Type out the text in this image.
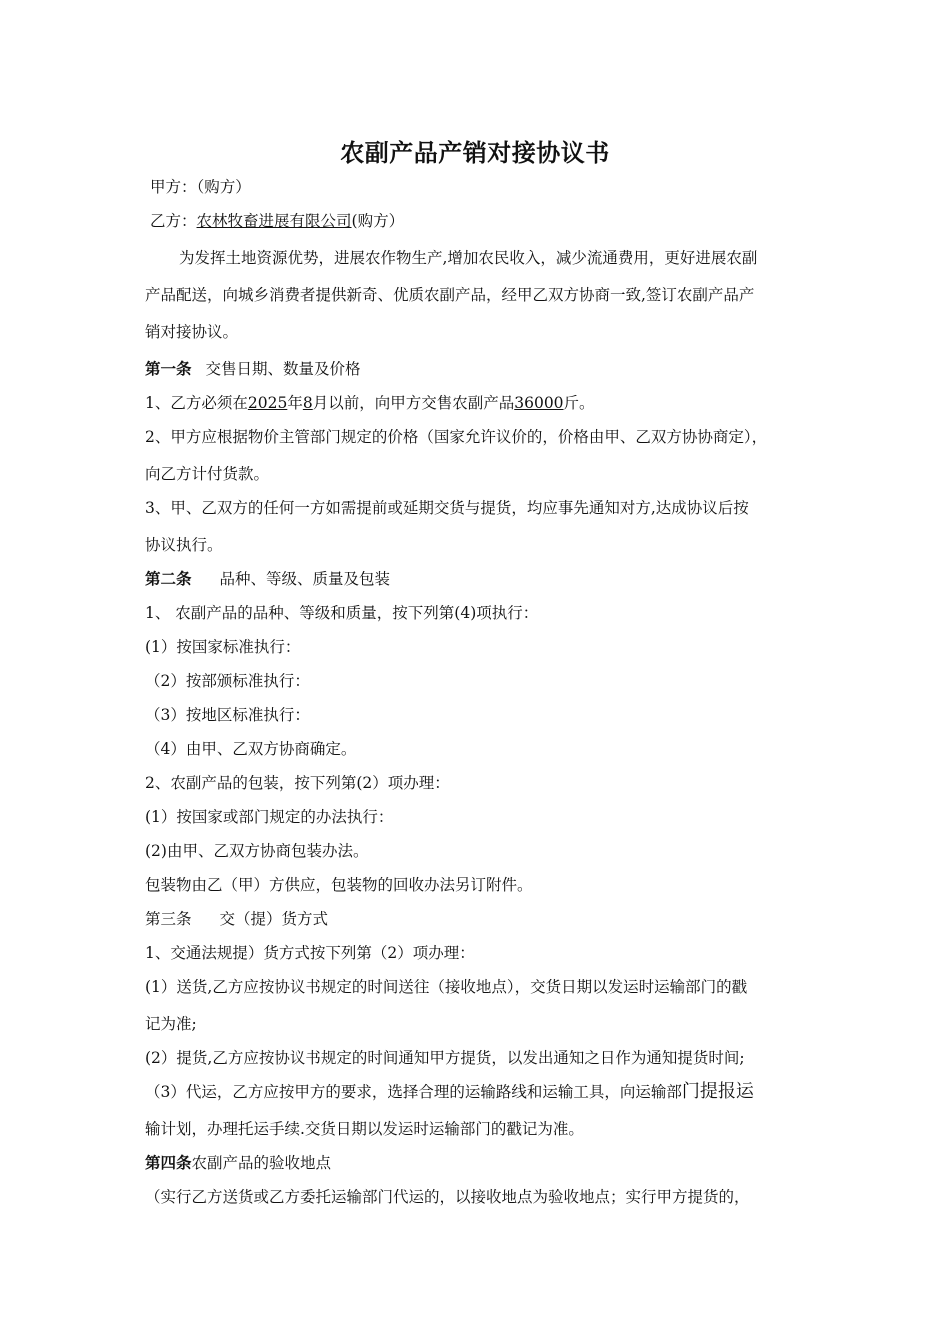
农副产品产销对接协议书
甲方：（购方）
乙方：农林牧畜进展有限公司(购方）
为发挥土地资源优势，进展农作物生产,增加农民收入，减少流通费用，更好进展农副
产品配送，向城乡消费者提供新奇、优质农副产品，经甲乙双方协商一致,签订农副产品产
销对接协议。
第一条 交售日期、数量及价格
1、乙方必须在2025年8月以前，向甲方交售农副产品36000斤。
2、甲方应根据物价主管部门规定的价格（国家允许议价的，价格由甲、乙双方协协商定），
向乙方计付货款。
3、甲、乙双方的任何一方如需提前或延期交货与提货，均应事先通知对方,达成协议后按
协议执行。
第二条 品种、等级、质量及包装
1、 农副产品的品种、等级和质量，按下列第(4)项执行：
(1）按国家标准执行：
（2）按部颁标准执行：
（3）按地区标准执行：
（4）由甲、乙双方协商确定。
2、农副产品的包装，按下列第(2）项办理：
(1）按国家或部门规定的办法执行：
(2)由甲、乙双方协商包装办法。
包装物由乙（甲）方供应，包装物的回收办法另订附件。
第三条 交（提）货方式
1、交通法规提）货方式按下列第（2）项办理：
(1）送货,乙方应按协议书规定的时间送往（接收地点），交货日期以发运时运输部门的戳
记为准;
(2）提货,乙方应按协议书规定的时间通知甲方提货，以发出通知之日作为通知提货时间;
（3）代运，乙方应按甲方的要求，选择合理的运输路线和运输工具，向运输部门提报运
输计划，办理托运手续.交货日期以发运时运输部门的戳记为准。
第四条农副产品的验收地点
（实行乙方送货或乙方委托运输部门代运的，以接收地点为验收地点；实行甲方提货的，
